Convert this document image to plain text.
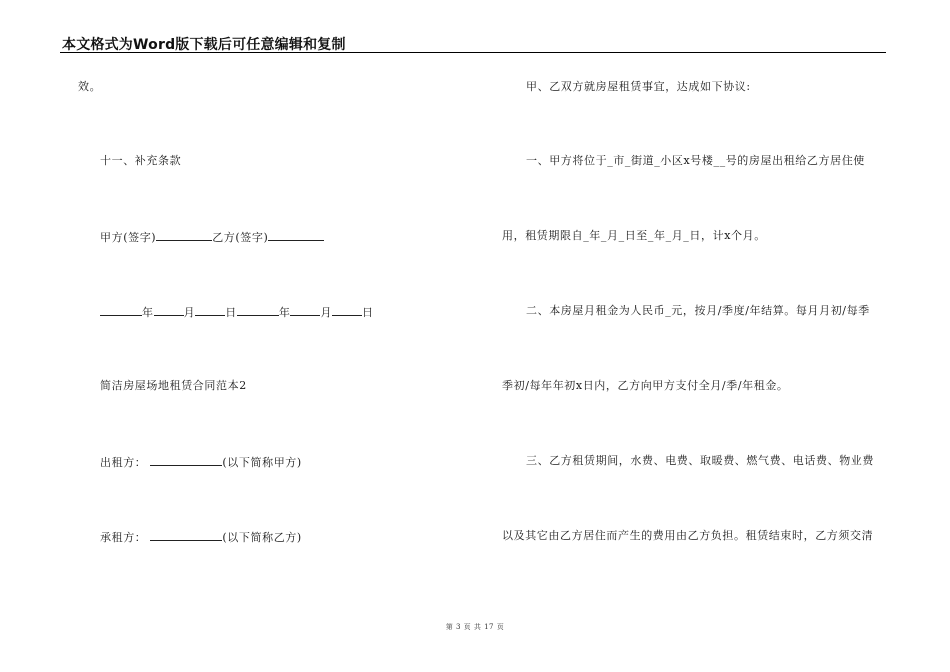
本文格式为Word版下载后可任意编辑和复制
效。
十一、补充条款
甲方(签字)	乙方(签字)
年	月	日	年	月	日
简洁房屋场地租赁合同范本2
出租方：	(以下简称甲方)
承租方：	(以下简称乙方)
甲、乙双方就房屋租赁事宜，达成如下协议:
一、甲方将位于_市_街道_小区x号楼__号的房屋出租给乙方居住使
用，租赁期限自_年_月_日至_年_月_日，计x个月。
二、本房屋月租金为人民币_元，按月/季度/年结算。每月月初/每季
季初/每年年初x日内，乙方向甲方支付全月/季/年租金。
三、乙方租赁期间，水费、电费、取暖费、燃气费、电话费、物业费
以及其它由乙方居住而产生的费用由乙方负担。租赁结束时，乙方须交清
第 3 页 共 17 页
